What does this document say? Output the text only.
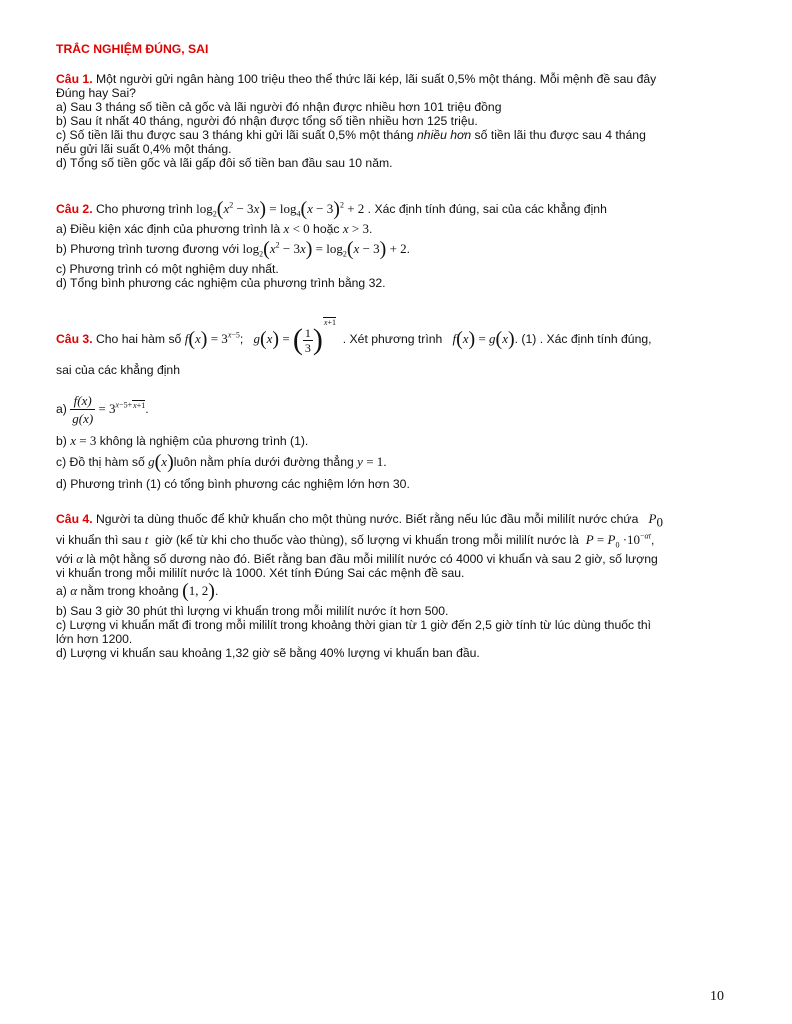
TRẮC NGHIỆM ĐÚNG, SAI
Câu 1. Một người gửi ngân hàng 100 triệu theo thể thức lãi kép, lãi suất 0,5% một tháng. Mỗi mệnh đề sau đây
Đúng hay Sai?
a) Sau 3 tháng số tiền cả gốc và lãi người đó nhận được nhiều hơn 101 triệu đồng
b) Sau ít nhất 40 tháng, người đó nhận được tổng số tiền nhiều hơn 125 triệu.
c) Số tiền lãi thu được sau 3 tháng khi gửi lãi suất 0,5% một tháng nhiều hơn số tiền lãi thu được sau 4 tháng
nếu gửi lãi suất 0,4% một tháng.
d) Tổng số tiền gốc và lãi gấp đôi số tiền ban đầu sau 10 năm.
Câu 2. Cho phương trình $\log_2(x^2 - 3x) = \log_4(x - 3)^2 + 2$ . Xác định tính đúng, sai của các khẳng định
a) Điều kiện xác định của phương trình là x < 0 hoặc x > 3.
b) Phương trình tương đương với $\log_2(x^2 - 3x) = \log_2(x - 3) + 2$.
c) Phương trình có một nghiệm duy nhất.
d) Tổng bình phương các nghiệm của phương trình bằng 32.
Câu 3. Cho hai hàm số $f(x) = 3^{x-5}$;   g(x) = ( $\frac{1}{3} )^{x+1}$  . Xét phương trình   f(x) = g(x). (1) . Xác định tính đúng,
sai của các khẳng định
$a) \frac{f(x)}{g(x)} = 3^{x-5+x+1}$.
b) x = 3 không là nghiệm của phương trình (1).
c) Đồ thị hàm số g(x)luôn nằm phía dưới đường thẳng y = 1.
d) Phương trình (1) có tổng bình phương các nghiệm lớn hơn 30.
Câu 4. Người ta dùng thuốc để khử khuẩn cho một thùng nước. Biết rằng nếu lúc đầu mỗi mililít nước chứa   $P_0$
vi khuẩn thì sau t  giờ (kể từ khi cho thuốc vào thùng), số lượng vi khuẩn trong mỗi mililít nước là  $P = P_0 \cdot 10^{-\alpha t}$,
với α là một hằng số dương nào đó. Biết rằng ban đầu mỗi mililít nước có 4000 vi khuẩn và sau 2 giờ, số lượng
vi khuẩn trong mỗi mililít nước là 1000. Xét tính Đúng Sai các mệnh đề sau.
a) α nằm trong khoảng (1, 2).
b) Sau 3 giờ 30 phút thì lượng vi khuẩn trong mỗi mililít nước ít hơn 500.
c) Lượng vi khuẩn mất đi trong mỗi mililít trong khoảng thời gian từ 1 giờ đến 2,5 giờ tính từ lúc dùng thuốc thì
lớn hơn 1200.
d) Lượng vi khuẩn sau khoảng 1,32 giờ sẽ bằng 40% lượng vi khuẩn ban đầu.
10
